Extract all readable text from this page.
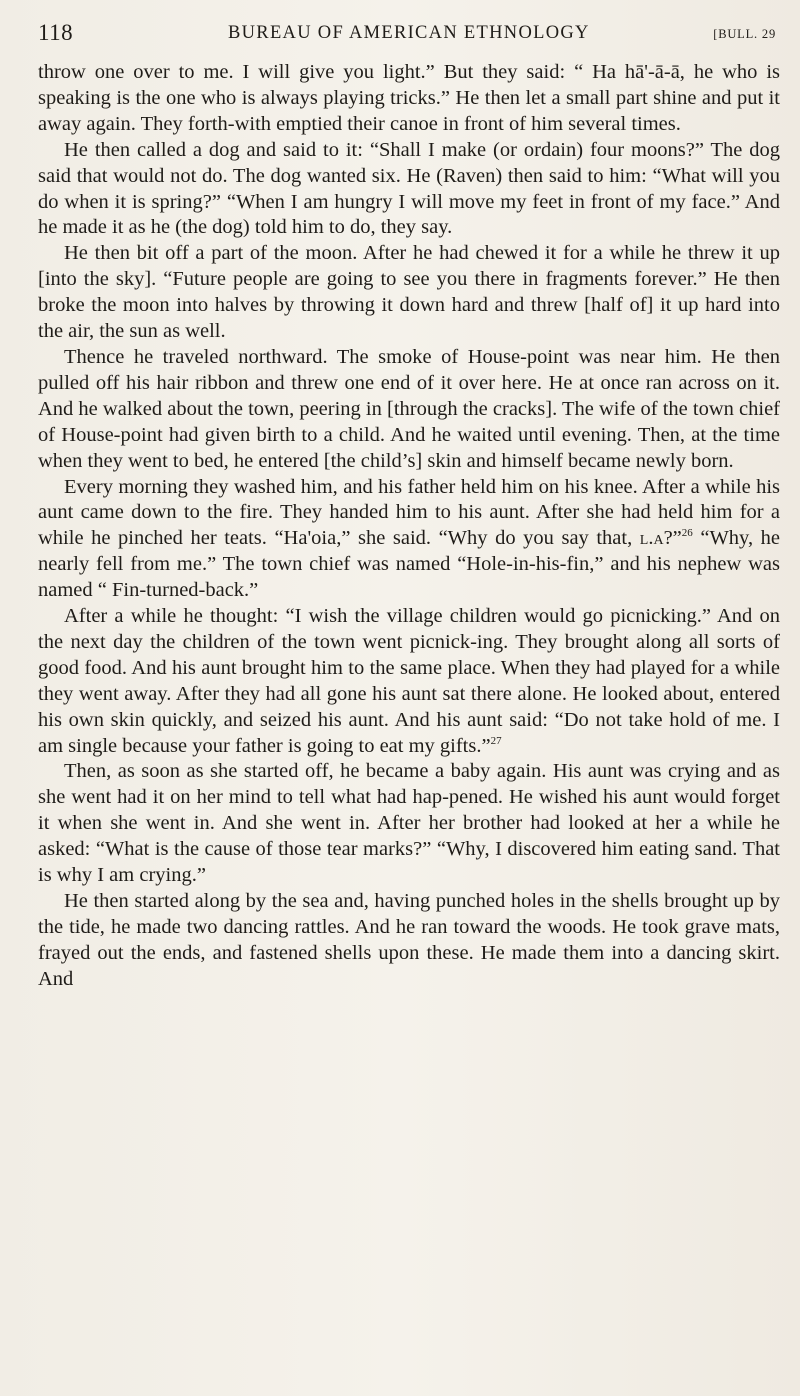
118	BUREAU OF AMERICAN ETHNOLOGY	[BULL. 29

throw one over to me. I will give you light.” But they said: “ Ha hā'-ā-ā, he who is speaking is the one who is always playing tricks.” He then let a small part shine and put it away again. They forth-with emptied their canoe in front of him several times.

He then called a dog and said to it: “Shall I make (or ordain) four moons?” The dog said that would not do. The dog wanted six. He (Raven) then said to him: “What will you do when it is spring?” “When I am hungry I will move my feet in front of my face.” And he made it as he (the dog) told him to do, they say.

He then bit off a part of the moon. After he had chewed it for a while he threw it up [into the sky]. “Future people are going to see you there in fragments forever.” He then broke the moon into halves by throwing it down hard and threw [half of] it up hard into the air, the sun as well.

Thence he traveled northward. The smoke of House-point was near him. He then pulled off his hair ribbon and threw one end of it over here. He at once ran across on it. And he walked about the town, peering in [through the cracks]. The wife of the town chief of House-point had given birth to a child. And he waited until evening. Then, at the time when they went to bed, he entered [the child’s] skin and himself became newly born.

Every morning they washed him, and his father held him on his knee. After a while his aunt came down to the fire. They handed him to his aunt. After she had held him for a while he pinched her teats. “Ha'oia,” she said. “Why do you say that, l.a?”$^{26}$ “Why, he nearly fell from me.” The town chief was named “Hole-in-his-fin,” and his nephew was named “ Fin-turned-back.”

After a while he thought: “I wish the village children would go picnicking.” And on the next day the children of the town went picnick-ing. They brought along all sorts of good food. And his aunt brought him to the same place. When they had played for a while they went away. After they had all gone his aunt sat there alone. He looked about, entered his own skin quickly, and seized his aunt. And his aunt said: “Do not take hold of me. I am single because your father is going to eat my gifts.”$^{27}$

Then, as soon as she started off, he became a baby again. His aunt was crying and as she went had it on her mind to tell what had hap-pened. He wished his aunt would forget it when she went in. And she went in. After her brother had looked at her a while he asked: “What is the cause of those tear marks?” “Why, I discovered him eating sand. That is why I am crying.”

He then started along by the sea and, having punched holes in the shells brought up by the tide, he made two dancing rattles. And he ran toward the woods. He took grave mats, frayed out the ends, and fastened shells upon these. He made them into a dancing skirt. And
